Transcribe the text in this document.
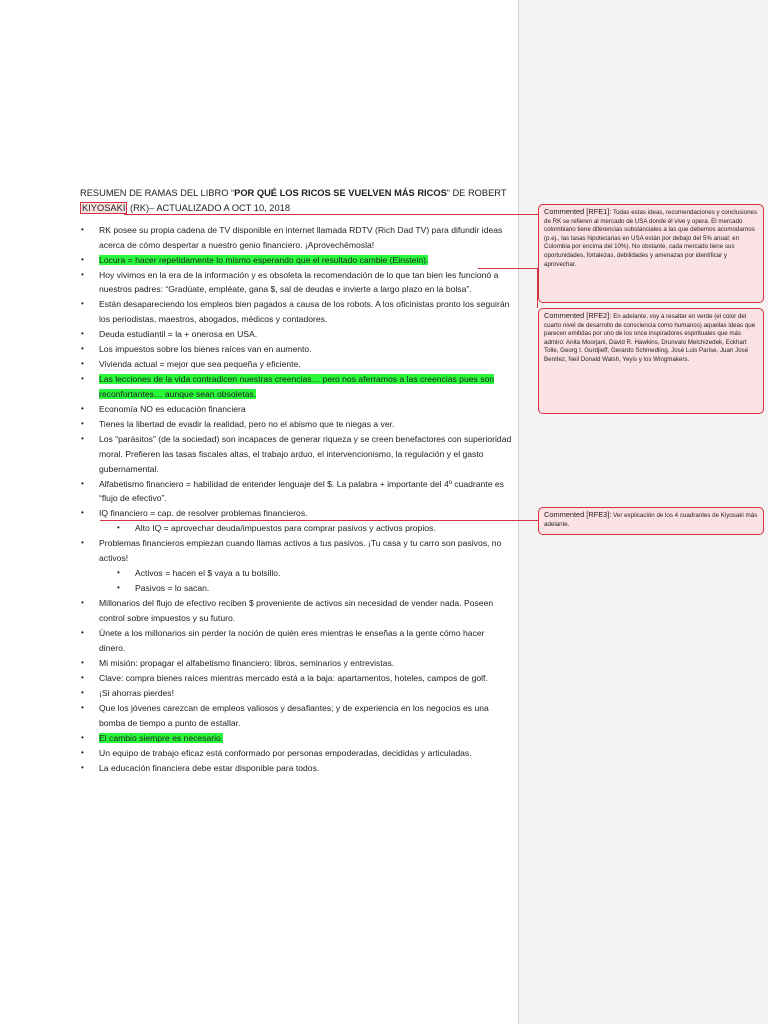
RESUMEN DE RAMAS DEL LIBRO “POR QUÉ LOS RICOS SE VUELVEN MÁS RICOS” DE ROBERT KIYOSAKI (RK)– ACTUALIZADO A OCT 10, 2018
• RK posee su propia cadena de TV disponible en internet llamada RDTV (Rich Dad TV) para difundir ideas acerca de cómo despertar a nuestro genio financiero. ¡Aprovechémosla!
• Locura = hacer repetidamente lo mismo esperando que el resultado cambie (Einstein).
• Hoy vivimos en la era de la información y es obsoleta la recomendación de lo que tan bien les funcionó a nuestros padres: “Gradúate, empléate, gana $, sal de deudas e invierte a largo plazo en la bolsa”.
• Están desapareciendo los empleos bien pagados a causa de los robots. A los oficinistas pronto los seguirán los periodistas, maestros, abogados, médicos y contadores.
• Deuda estudiantil = la + onerosa en USA.
• Los impuestos sobre los bienes raíces van en aumento.
• Vivienda actual = mejor que sea pequeña y eficiente.
• Las lecciones de la vida contradicen nuestras creencias… pero nos aferramos a las creencias pues son reconfortantes… aunque sean obsoletas.
• Economía NO es educación financiera
• Tienes la libertad de evadir la realidad, pero no el abismo que te niegas a ver.
• Los “parásitos” (de la sociedad) son incapaces de generar riqueza y se creen benefactores con superioridad moral. Prefieren las tasas fiscales altas, el trabajo arduo, el intervencionismo, la regulación y el gasto gubernamental.
• Alfabetismo financiero = habilidad de entender lenguaje del $. La palabra + importante del 4º cuadrante es “flujo de efectivo”.
• IQ financiero = cap. de resolver problemas financieros.
• Alto IQ = aprovechar deuda/impuestos para comprar pasivos y activos propios.
• Problemas financieros empiezan cuando llamas activos a tus pasivos. ¡Tu casa y tu carro son pasivos, no activos!
• Activos = hacen el $ vaya a tu bolsillo.
• Pasivos = lo sacan.
• Millonarios del flujo de efectivo reciben $ proveniente de activos sin necesidad de vender nada. Poseen control sobre impuestos y su futuro.
• Únete a los millonarios sin perder la noción de quién eres mientras le enseñas a la gente cómo hacer dinero.
• Mi misión: propagar el alfabetismo financiero: libros, seminarios y entrevistas.
• Clave: compra bienes raíces mientras mercado está a la baja: apartamentos, hoteles, campos de golf.
• ¡Si ahorras pierdes!
• Que los jóvenes carezcan de empleos valiosos y desafiantes; y de experiencia en los negocios es una bomba de tiempo a punto de estallar.
• El cambio siempre es necesario.
• Un equipo de trabajo eficaz está conformado por personas empoderadas, decididas y articuladas.
• La educación financiera debe estar disponible para todos.
Commented [RFE1]: Todas estas ideas, recomendaciones y conclusiones de RK se refieren al mercado de USA donde él vive y opera. El mercado colombiano tiene diferencias substanciales a las que debemos acomodarnos (p.ej., las tasas hipotecarias en USA están por debajo del 5% anual; en Colombia por encima del 10%). No obstante, cada mercado tiene sus oportunidades, fortalezas, debilidades y amenazas por identificar y aprovechar.
Commented [RFE2]: En adelante, voy a resaltar en verde (el color del cuarto nivel de desarrollo de consciencia como humanos) aquellas ideas que parecen emitidas por uno de los once inspiradores espirituales que más admiro: Anita Moorjani, David R. Hawkins, Drunvalo Melchizedek, Eckhart Tolle, Georg I. Gurdjieff, Gerardo Schmedling, José Luis Parise, Juan José Benítez, Neil Donald Walsh, Yeyis y los Wingmakers.
Commented [RFE3]: Ver explicación de los 4 cuadrantes de Kiyosaki más adelante.
